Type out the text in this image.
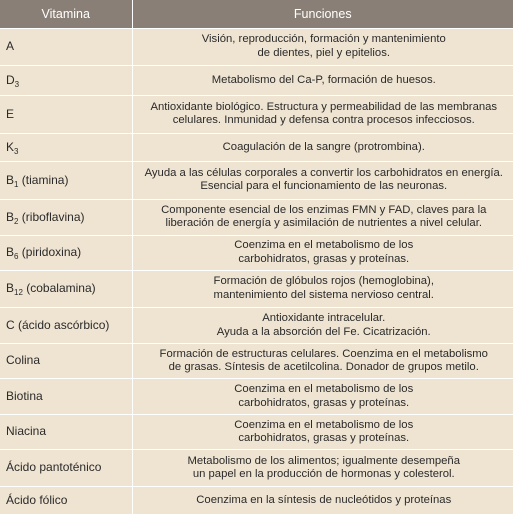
Vitamina	Funciones
A	Visión, reproducción, formación y mantenimiento
de dientes, piel y epitelios.

$D_3$	Metabolismo del Ca-P, formación de huesos.

E	Antioxidante biológico. Estructura y permeabilidad de las membranas
celulares. Inmunidad y defensa contra procesos infecciosos.

$K_3$	Coagulación de la sangre (protrombina).

$B_1$ (tiamina)	Ayuda a las células corporales a convertir los carbohidratos en energía.
Esencial para el funcionamiento de las neuronas.

$B_2$ (riboflavina)	Componente esencial de los enzimas FMN y FAD, claves para la
liberación de energía y asimilación de nutrientes a nivel celular.

$B_6$ (piridoxina)	Coenzima en el metabolismo de los
carbohidratos, grasas y proteínas.

$B_{12}$ (cobalamina)	Formación de glóbulos rojos (hemoglobina),
mantenimiento del sistema nervioso central.

C (ácido ascórbico)	Antioxidante intracelular.
Ayuda a la absorción del Fe. Cicatrización.

Colina	Formación de estructuras celulares. Coenzima en el metabolismo
de grasas. Síntesis de acetilcolina. Donador de grupos metilo.

Biotina	Coenzima en el metabolismo de los
carbohidratos, grasas y proteínas.

Niacina	Coenzima en el metabolismo de los
carbohidratos, grasas y proteínas.

Ácido pantoténico	Metabolismo de los alimentos; igualmente desempeña
un papel en la producción de hormonas y colesterol.

Ácido fólico	Coenzima en la síntesis de nucleótidos y proteínas
